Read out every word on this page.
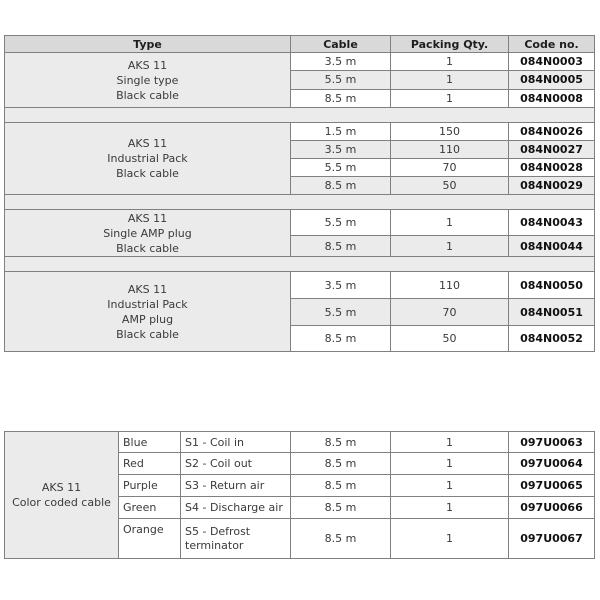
Type	Cable	Packing Qty.	Code no.

AKS 11
Single type
Black cable	3.5 m	1	084N0003
	5.5 m	1	084N0005
	8.5 m	1	084N0008

AKS 11
Industrial Pack
Black cable	1.5 m	150	084N0026
	3.5 m	110	084N0027
	5.5 m	70	084N0028
	8.5 m	50	084N0029

AKS 11
Single AMP plug
Black cable	5.5 m	1	084N0043
	8.5 m	1	084N0044

AKS 11
Industrial Pack
AMP plug
Black cable	3.5 m	110	084N0050
	5.5 m	70	084N0051
	8.5 m	50	084N0052
AKS 11
Color coded cable	Blue	S1 - Coil in	8.5 m	1	097U0063
	Red	S2 - Coil out	8.5 m	1	097U0064
	Purple	S3 - Return air	8.5 m	1	097U0065
	Green	S4 - Discharge air	8.5 m	1	097U0066
	Orange	S5 - Defrost terminator	8.5 m	1	097U0067
